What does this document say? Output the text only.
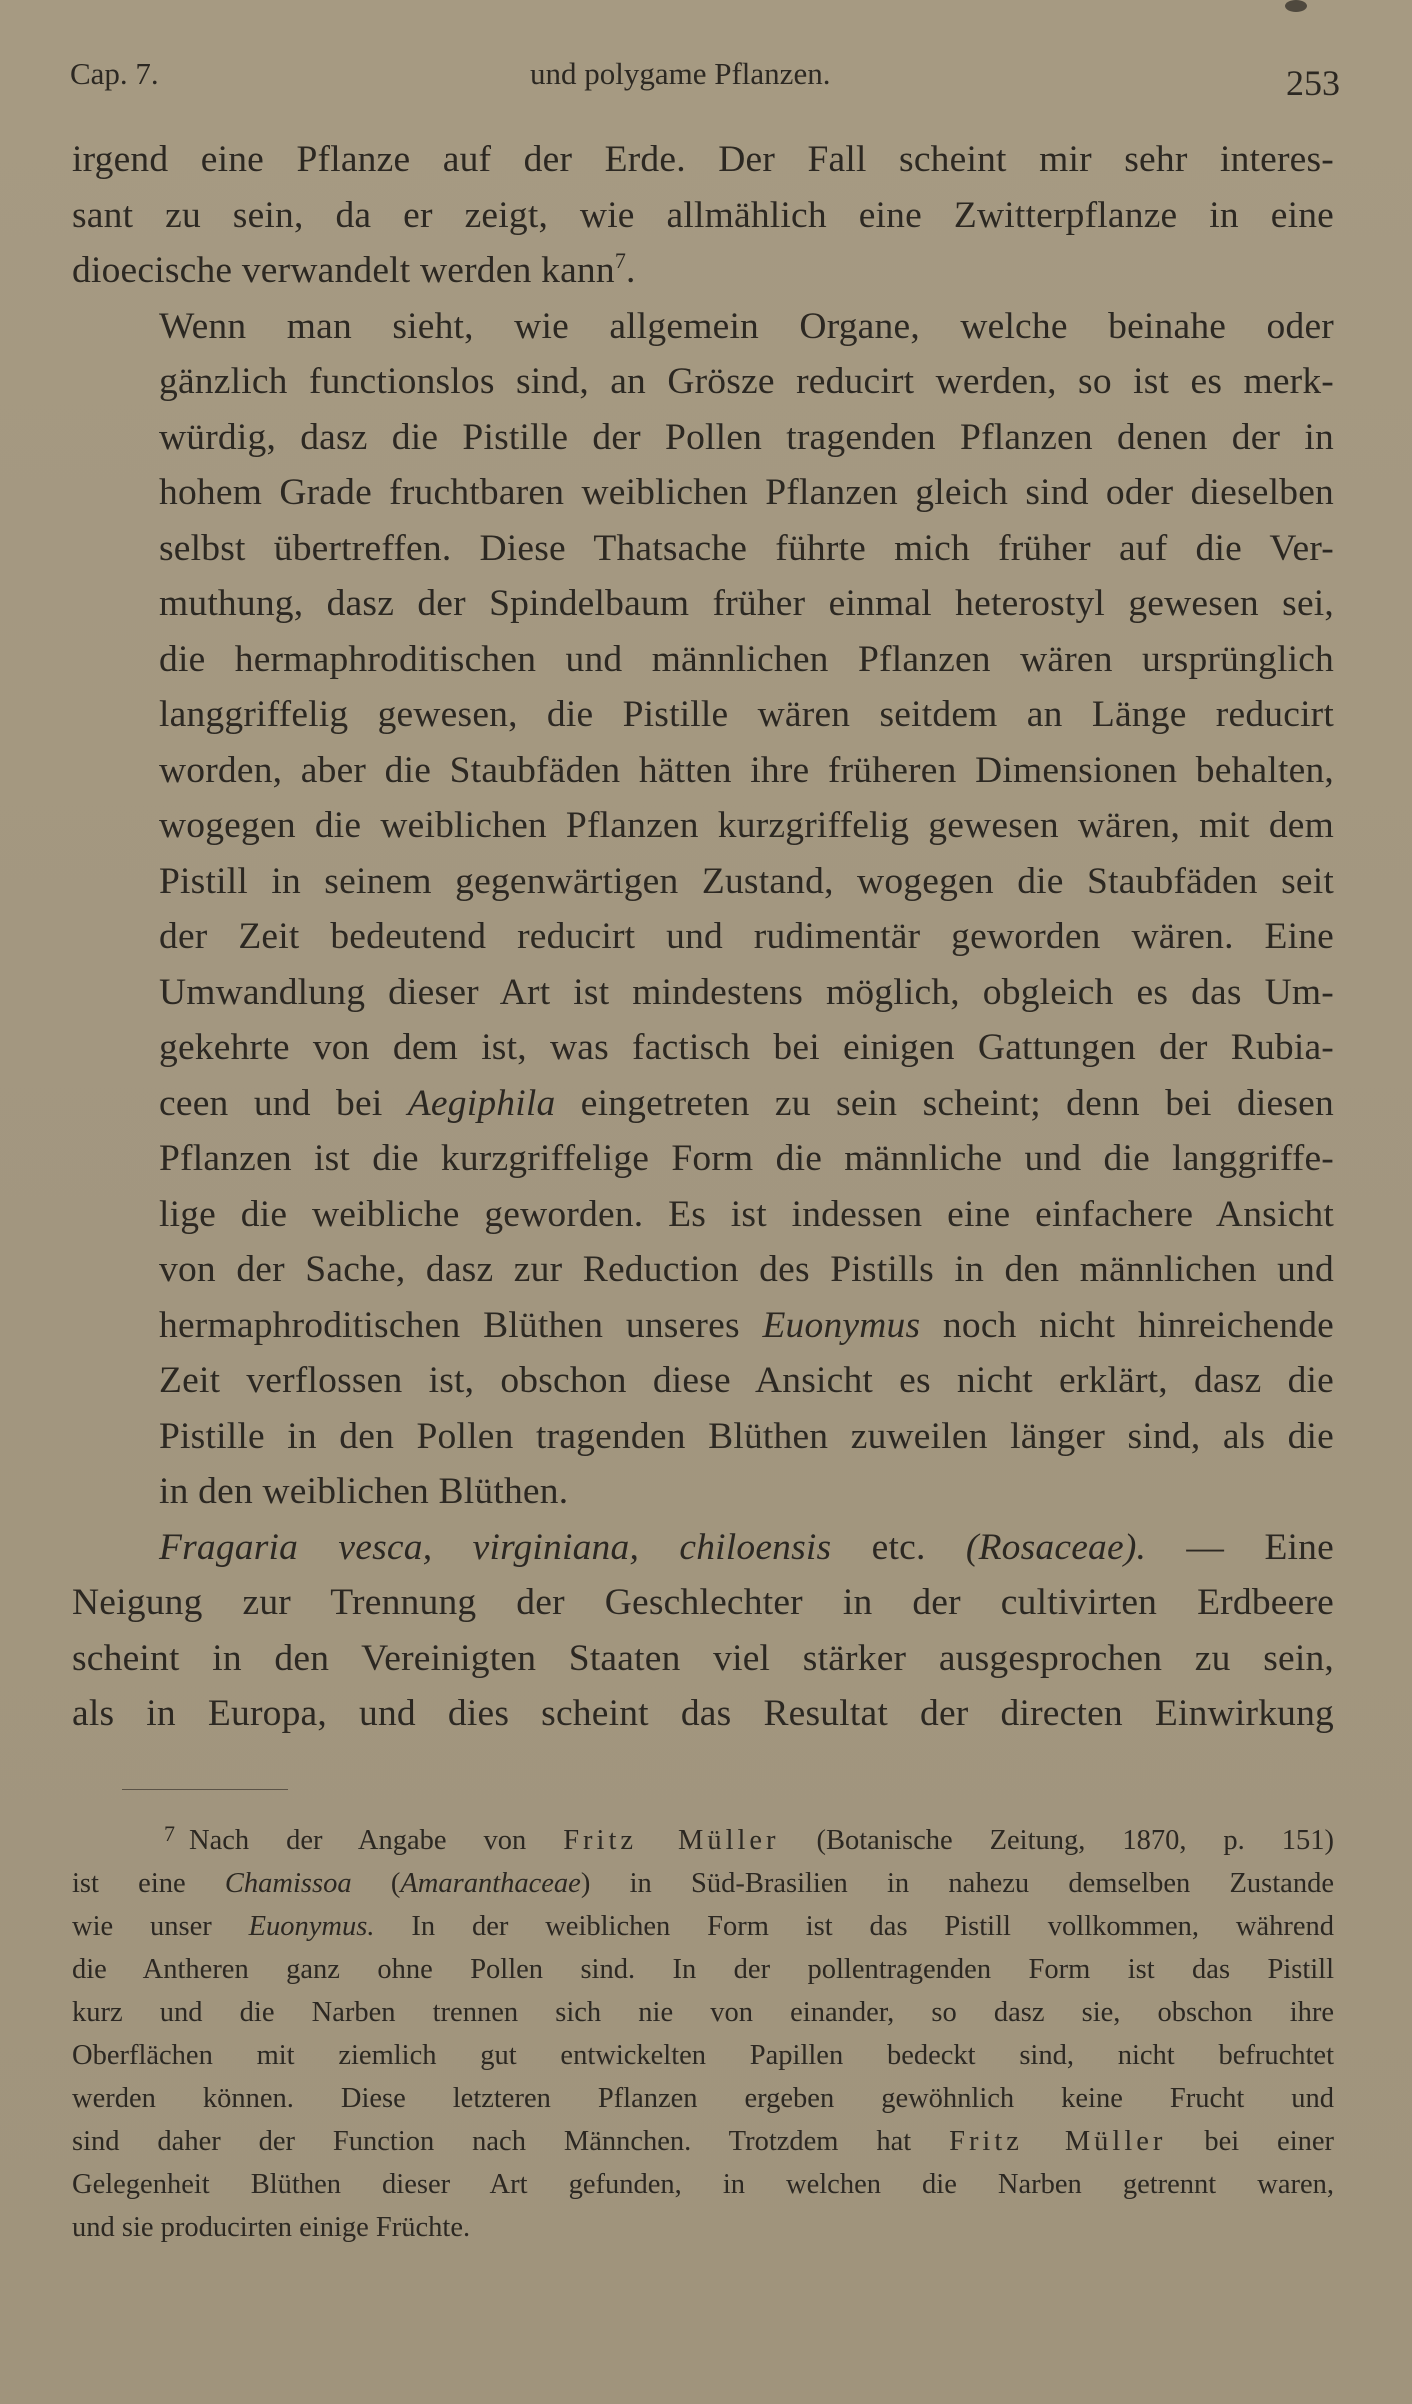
Cap. 7.	und polygame Pflanzen.	253

irgend eine Pflanze auf der Erde. Der Fall scheint mir sehr interes-
sant zu sein, da er zeigt, wie allmählich eine Zwitterpflanze in eine
dioecische verwandelt werden kann$^7$.

Wenn man sieht, wie allgemein Organe, welche beinahe oder
gänzlich functionslos sind, an Grösze reducirt werden, so ist es merk-
würdig, dasz die Pistille der Pollen tragenden Pflanzen denen der in
hohem Grade fruchtbaren weiblichen Pflanzen gleich sind oder dieselben
selbst übertreffen. Diese Thatsache führte mich früher auf die Ver-
muthung, dasz der Spindelbaum früher einmal heterostyl gewesen sei,
die hermaphroditischen und männlichen Pflanzen wären ursprünglich
langgriffelig gewesen, die Pistille wären seitdem an Länge reducirt
worden, aber die Staubfäden hätten ihre früheren Dimensionen behalten,
wogegen die weiblichen Pflanzen kurzgriffelig gewesen wären, mit dem
Pistill in seinem gegenwärtigen Zustand, wogegen die Staubfäden seit
der Zeit bedeutend reducirt und rudimentär geworden wären. Eine
Umwandlung dieser Art ist mindestens möglich, obgleich es das Um-
gekehrte von dem ist, was factisch bei einigen Gattungen der Rubia-
ceen und bei Aegiphila eingetreten zu sein scheint; denn bei diesen
Pflanzen ist die kurzgriffelige Form die männliche und die langgriffe-
lige die weibliche geworden. Es ist indessen eine einfachere Ansicht
von der Sache, dasz zur Reduction des Pistills in den männlichen und
hermaphroditischen Blüthen unseres Euonymus noch nicht hinreichende
Zeit verflossen ist, obschon diese Ansicht es nicht erklärt, dasz die
Pistille in den Pollen tragenden Blüthen zuweilen länger sind, als die
in den weiblichen Blüthen.

Fragaria vesca, virginiana, chiloensis etc. (Rosaceae). — Eine
Neigung zur Trennung der Geschlechter in der cultivirten Erdbeere
scheint in den Vereinigten Staaten viel stärker ausgesprochen zu sein,
als in Europa, und dies scheint das Resultat der directen Einwirkung

$^7$ Nach der Angabe von Fritz Müller (Botanische Zeitung, 1870, p. 151)
ist eine Chamissoa (Amaranthaceae) in Süd-Brasilien in nahezu demselben Zustande
wie unser Euonymus. In der weiblichen Form ist das Pistill vollkommen, während
die Antheren ganz ohne Pollen sind. In der pollentragenden Form ist das Pistill
kurz und die Narben trennen sich nie von einander, so dasz sie, obschon ihre
Oberflächen mit ziemlich gut entwickelten Papillen bedeckt sind, nicht befruchtet
werden können. Diese letzteren Pflanzen ergeben gewöhnlich keine Frucht und
sind daher der Function nach Männchen. Trotzdem hat Fritz Müller bei einer
Gelegenheit Blüthen dieser Art gefunden, in welchen die Narben getrennt waren,
und sie producirten einige Früchte.
